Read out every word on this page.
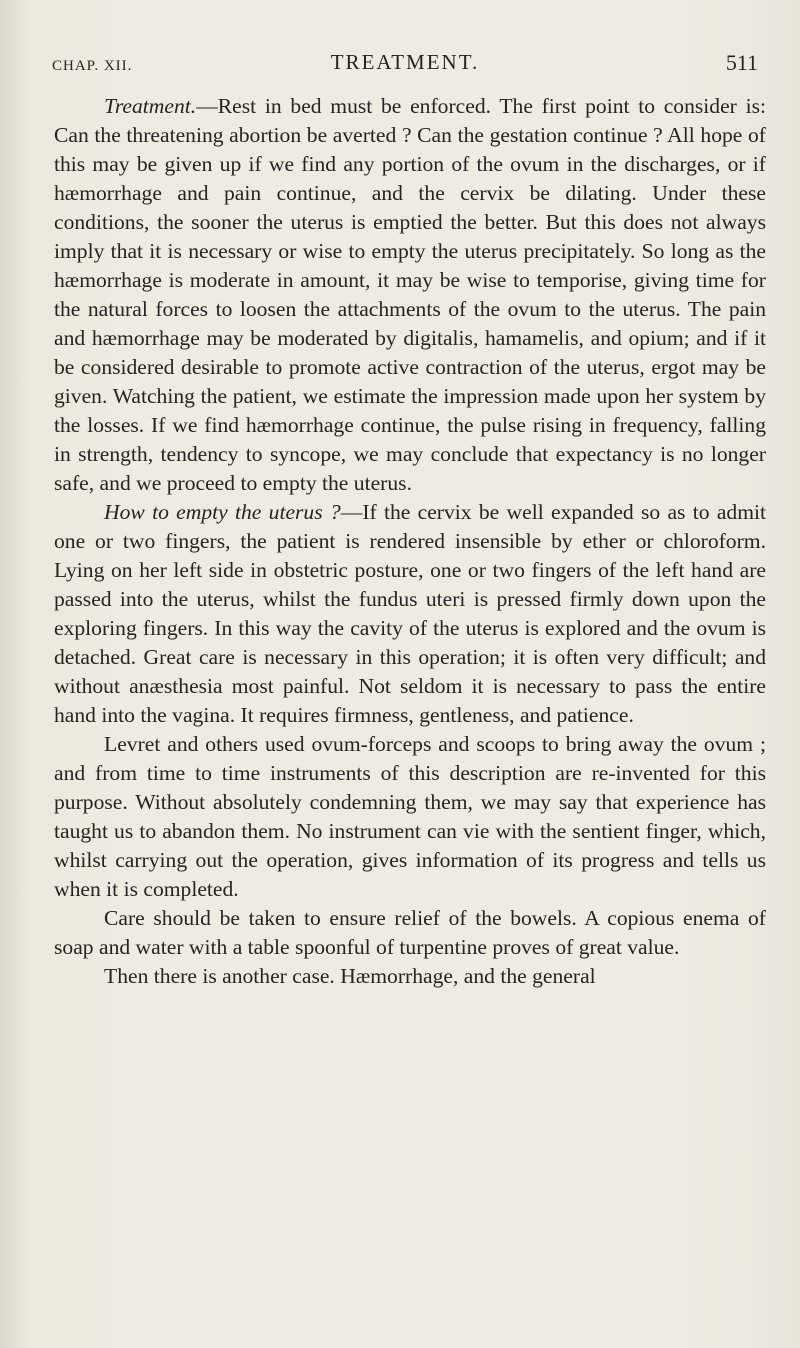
CHAP. XII.	TREATMENT.	511

Treatment.—Rest in bed must be enforced. The first point to consider is: Can the threatening abortion be averted ? Can the gestation continue ? All hope of this may be given up if we find any portion of the ovum in the discharges, or if hæmorrhage and pain continue, and the cervix be dilating. Under these conditions, the sooner the uterus is emptied the better. But this does not always imply that it is necessary or wise to empty the uterus precipitately. So long as the hæmorrhage is moderate in amount, it may be wise to temporise, giving time for the natural forces to loosen the attachments of the ovum to the uterus. The pain and hæmorrhage may be moderated by digitalis, hamamelis, and opium; and if it be considered desirable to promote active contraction of the uterus, ergot may be given. Watching the patient, we estimate the impression made upon her system by the losses. If we find hæmorrhage continue, the pulse rising in frequency, falling in strength, tendency to syncope, we may conclude that expectancy is no longer safe, and we proceed to empty the uterus.

How to empty the uterus ?—If the cervix be well expanded so as to admit one or two fingers, the patient is rendered insensible by ether or chloroform. Lying on her left side in obstetric posture, one or two fingers of the left hand are passed into the uterus, whilst the fundus uteri is pressed firmly down upon the exploring fingers. In this way the cavity of the uterus is explored and the ovum is detached. Great care is necessary in this operation; it is often very difficult; and without anæsthesia most painful. Not seldom it is necessary to pass the entire hand into the vagina. It requires firmness, gentleness, and patience.

Levret and others used ovum-forceps and scoops to bring away the ovum ; and from time to time instruments of this description are re-invented for this purpose. Without absolutely condemning them, we may say that experience has taught us to abandon them. No instrument can vie with the sentient finger, which, whilst carrying out the operation, gives information of its progress and tells us when it is completed.

Care should be taken to ensure relief of the bowels. A copious enema of soap and water with a table spoonful of turpentine proves of great value.

Then there is another case. Hæmorrhage, and the general
